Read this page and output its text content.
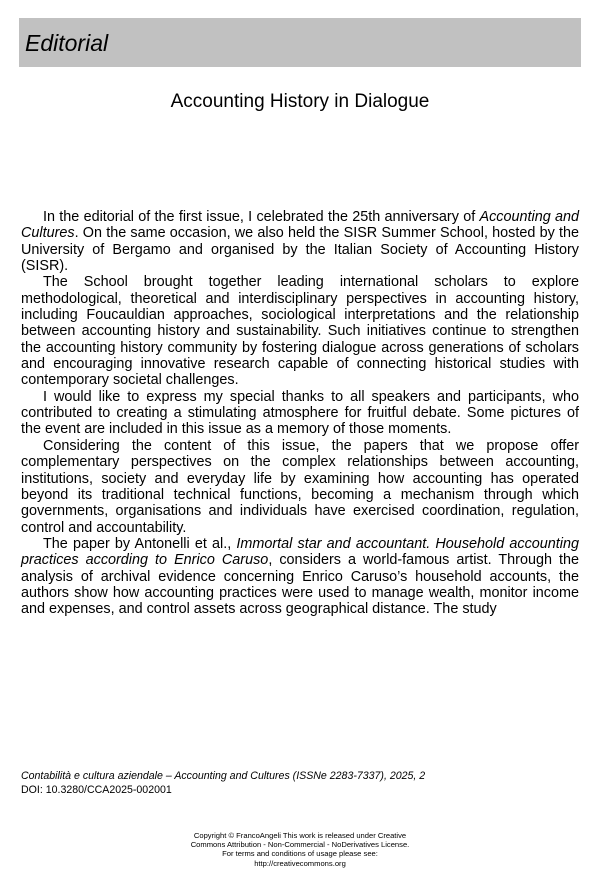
Editorial
Accounting History in Dialogue

In the editorial of the first issue, I celebrated the 25th anniversary of Accounting and Cultures. On the same occasion, we also held the SISR Summer School, hosted by the University of Bergamo and organised by the Italian Society of Accounting History (SISR).

The School brought together leading international scholars to explore methodological, theoretical and interdisciplinary perspectives in accounting history, including Foucauldian approaches, sociological interpretations and the relationship between accounting history and sustainability. Such initiatives continue to strengthen the accounting history community by fostering dialogue across generations of scholars and encouraging innovative research capable of connecting historical studies with contemporary societal challenges.

I would like to express my special thanks to all speakers and participants, who contributed to creating a stimulating atmosphere for fruitful debate. Some pictures of the event are included in this issue as a memory of those moments.

Considering the content of this issue, the papers that we propose offer complementary perspectives on the complex relationships between accounting, institutions, society and everyday life by examining how accounting has operated beyond its traditional technical functions, becoming a mechanism through which governments, organisations and individuals have exercised coordination, regulation, control and accountability.

The paper by Antonelli et al., Immortal star and accountant. Household accounting practices according to Enrico Caruso, considers a world-famous artist. Through the analysis of archival evidence concerning Enrico Caruso’s household accounts, the authors show how accounting practices were used to manage wealth, monitor income and expenses, and control assets across geographical distance. The study

Contabilità e cultura aziendale – Accounting and Cultures (ISSNe 2283-7337), 2025, 2
DOI: 10.3280/CCA2025-002001
Copyright © FrancoAngeli This work is released under Creative
Commons Attribution - Non-Commercial - NoDerivatives License.
For terms and conditions of usage please see:
http://creativecommons.org
